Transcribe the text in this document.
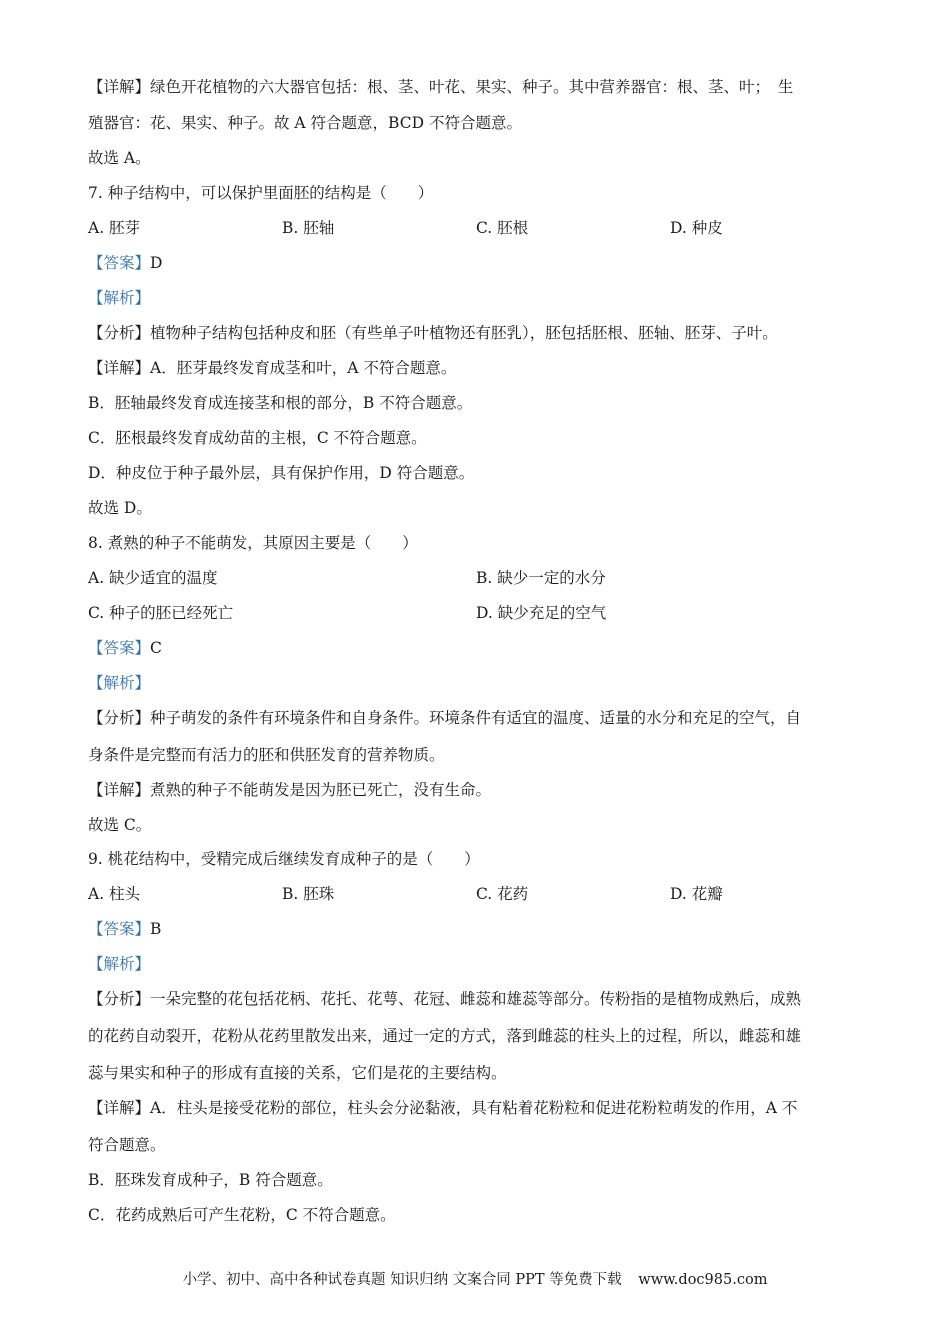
【详解】绿色开花植物的六大器官包括：根、茎、叶花、果实、种子。其中营养器官：根、茎、叶；　生
殖器官：花、果实、种子。故 A 符合题意，BCD 不符合题意。
故选 A。
7. 种子结构中，可以保护里面胚的结构是（　　）
A. 胚芽	B. 胚轴	C. 胚根	D. 种皮
【答案】D
【解析】
【分析】植物种子结构包括种皮和胚（有些单子叶植物还有胚乳），胚包括胚根、胚轴、胚芽、子叶。
【详解】A．胚芽最终发育成茎和叶，A 不符合题意。
B．胚轴最终发育成连接茎和根的部分，B 不符合题意。
C．胚根最终发育成幼苗的主根，C 不符合题意。
D．种皮位于种子最外层，具有保护作用，D 符合题意。
故选 D。
8. 煮熟的种子不能萌发，其原因主要是（　　）
A. 缺少适宜的温度	B. 缺少一定的水分
C. 种子的胚已经死亡	D. 缺少充足的空气
【答案】C
【解析】
【分析】种子萌发的条件有环境条件和自身条件。环境条件有适宜的温度、适量的水分和充足的空气，自
身条件是完整而有活力的胚和供胚发育的营养物质。
【详解】煮熟的种子不能萌发是因为胚已死亡，没有生命。
故选 C。
9. 桃花结构中，受精完成后继续发育成种子的是（　　）
A. 柱头	B. 胚珠	C. 花药	D. 花瓣
【答案】B
【解析】
【分析】一朵完整的花包括花柄、花托、花萼、花冠、雌蕊和雄蕊等部分。传粉指的是植物成熟后，成熟
的花药自动裂开，花粉从花药里散发出来，通过一定的方式，落到雌蕊的柱头上的过程，所以，雌蕊和雄
蕊与果实和种子的形成有直接的关系，它们是花的主要结构。
【详解】A．柱头是接受花粉的部位，柱头会分泌黏液，具有粘着花粉粒和促进花粉粒萌发的作用，A 不
符合题意。
B．胚珠发育成种子，B 符合题意。
C．花药成熟后可产生花粉，C 不符合题意。
小学、初中、高中各种试卷真题 知识归纳 文案合同 PPT 等免费下载 www.doc985.com
